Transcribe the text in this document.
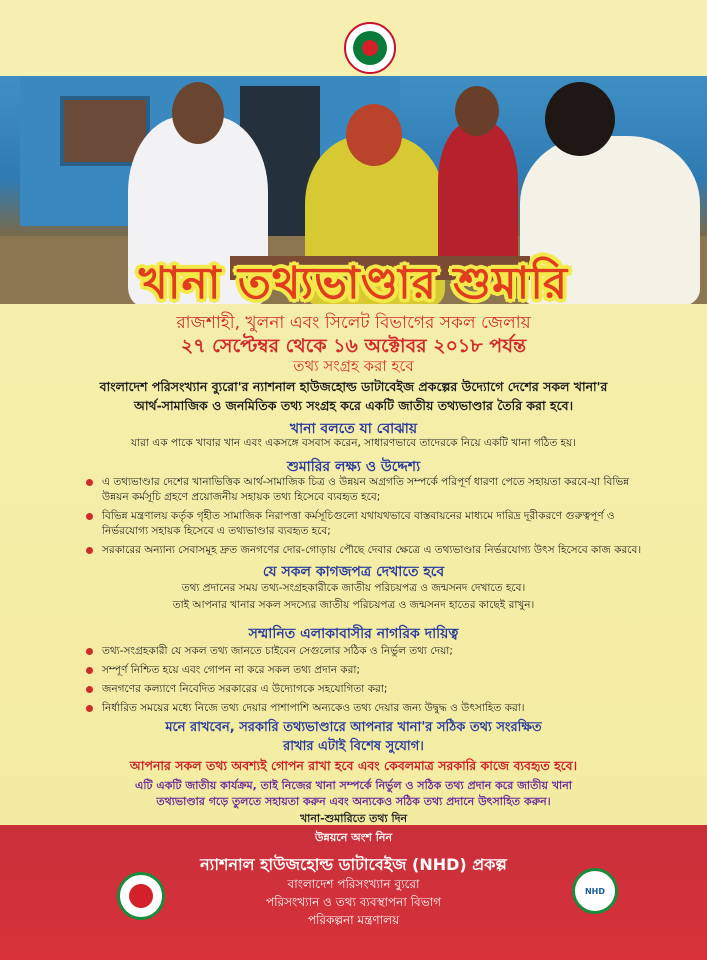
খানা তথ্যভাণ্ডার শুমারি
রাজশাহী, খুলনা এবং সিলেট বিভাগের সকল জেলায়
২৭ সেপ্টেম্বর থেকে ১৬ অক্টোবর ২০১৮ পর্যন্ত
তথ্য সংগ্রহ করা হবে
বাংলাদেশ পরিসংখ্যান ব্যুরো'র ন্যাশনাল হাউজহোল্ড ডাটাবেইজ প্রকল্পের উদ্যোগে দেশের সকল খানা'র
আর্থ-সামাজিক ও জনমিতিক তথ্য সংগ্রহ করে একটি জাতীয় তথ্যভাণ্ডার তৈরি করা হবে।
খানা বলতে যা বোঝায়
যারা এক পাকে খাবার খান এবং একসঙ্গে বসবাস করেন, সাধারণভাবে তাদেরকে নিয়ে একটি খানা গঠিত হয়।
শুমারির লক্ষ্য ও উদ্দেশ্য
এ তথ্যভাণ্ডার দেশের খানাভিত্তিক আর্থ-সামাজিক চিত্র ও উন্নয়ন অগ্রগতি সম্পর্কে পরিপূর্ণ ধারণা পেতে সহায়তা করবে-যা বিভিন্ন উন্নয়ন কর্মসূচি গ্রহণে প্রয়োজনীয় সহায়ক তথ্য হিসেবে ব্যবহৃত হবে;
বিভিন্ন মন্ত্রণালয় কর্তৃক গৃহীত সামাজিক নিরাপত্তা কর্মসূচিগুলো যথাযথভাবে বাস্তবায়নের মাধ্যমে দারিদ্র দূরীকরণে গুরুত্বপূর্ণ ও নির্ভরযোগ্য সহায়ক হিসেবে এ তথ্যভাণ্ডার ব্যবহৃত হবে;
সরকারের অন্যান্য সেবাসমূহ দ্রুত জনগণের দোর-গোড়ায় পৌছে দেবার ক্ষেত্রে এ তথ্যভাণ্ডার নির্ভরযোগ্য উৎস হিসেবে কাজ করবে।
যে সকল কাগজপত্র দেখাতে হবে
তথ্য প্রদানের সময় তথ্য-সংগ্রহকারীকে জাতীয় পরিচয়পত্র ও জন্মসনদ দেখাতে হবে।
তাই আপনার খানার সকল সদস্যের জাতীয় পরিচয়পত্র ও জন্মসনদ হাতের কাছেই রাখুন।
সম্মানিত এলাকাবাসীর নাগরিক দায়িত্ব
তথ্য-সংগ্রহকারী যে সকল তথ্য জানতে চাইবেন সেগুলোর সঠিক ও নির্ভুল তথ্য দেয়া;
সম্পূর্ণ নিশ্চিত হয়ে এবং গোপন না করে সকল তথ্য প্রদান করা;
জনগণের কল্যাণে নিবেদিত সরকারের এ উদ্যোগকে সহযোগিতা করা;
নির্ধারিত সময়ের মধ্যে নিজে তথ্য দেয়ার পাশাপাশি অন্যকেও তথ্য দেয়ার জন্য উদ্বুদ্ধ ও উৎসাহিত করা।
মনে রাখবেন, সরকারি তথ্যভাণ্ডারে আপনার খানা'র সঠিক তথ্য সংরক্ষিত
রাখার এটাই বিশেষ সুযোগ।
আপনার সকল তথ্য অবশ্যই গোপন রাখা হবে এবং কেবলমাত্র সরকারি কাজে ব্যবহৃত হবে।
এটি একটি জাতীয় কার্যক্রম, তাই নিজের খানা সম্পর্কে নির্ভুল ও সঠিক তথ্য প্রদান করে জাতীয় খানা
তথ্যভাণ্ডার গড়ে তুলতে সহায়তা করুন এবং অন্যকেও সঠিক তথ্য প্রদানে উৎসাহিত করুন।
খানা-শুমারিতে তথ্য দিন
উন্নয়নে অংশ নিন
ন্যাশনাল হাউজহোল্ড ডাটাবেইজ (NHD) প্রকল্প
বাংলাদেশ পরিসংখ্যান ব্যুরো
পরিসংখ্যান ও তথ্য ব্যবস্থাপনা বিভাগ
পরিকল্পনা মন্ত্রণালয়
NHD
